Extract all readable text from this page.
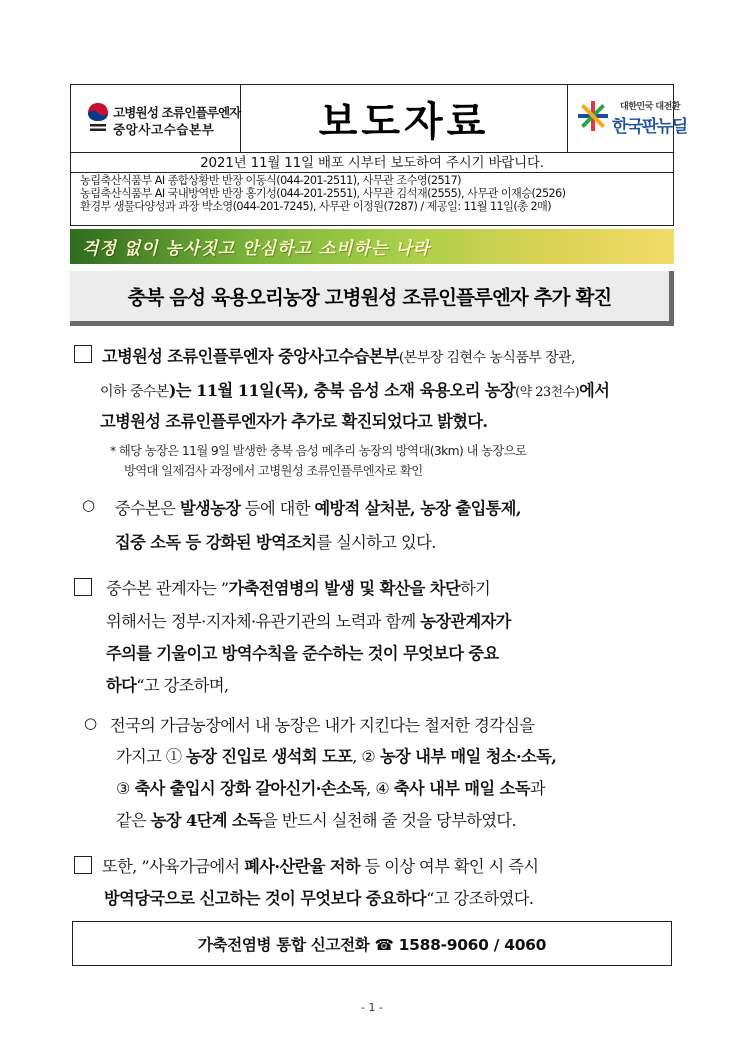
고병원성 조류인플루엔자
중앙사고수습본부	보도자료	대한민국 대전환
한국판뉴딜
2021년 11월 11일 배포 시부터 보도하여 주시기 바랍니다.
농림축산식품부 AI 종합상황반 반장 이동식(044-201-2511), 사무관 조수영(2517)
농림축산식품부 AI 국내방역반 반장 홍기성(044-201-2551), 사무관 김석재(2555), 사무관 이재승(2526)
환경부 생물다양성과 과장 박소영(044-201-7245), 사무관 이정원(7287) / 제공일: 11월 11일(총 2매)
걱정 없이 농사짓고 안심하고 소비하는 나라
충북 음성 육용오리농장 고병원성 조류인플루엔자 추가 확진
고병원성 조류인플루엔자 중앙사고수습본부(본부장 김현수 농식품부 장관,
이하 중수본)는 11월 11일(목), 충북 음성 소재 육용오리 농장(약 23천수)에서
고병원성 조류인플루엔자가 추가로 확진되었다고 밝혔다.
* 해당 농장은 11월 9일 발생한 충북 음성 메추리 농장의 방역대(3km) 내 농장으로
방역대 일제검사 과정에서 고병원성 조류인플루엔자로 확인
○ 중수본은 발생농장 등에 대한 예방적 살처분, 농장 출입통제,
집중 소독 등 강화된 방역조치를 실시하고 있다.
중수본 관계자는 ”가축전염병의 발생 및 확산을 차단하기
위해서는 정부·지자체·유관기관의 노력과 함께 농장관계자가
주의를 기울이고 방역수칙을 준수하는 것이 무엇보다 중요
하다“고 강조하며,
○ 전국의 가금농장에서 내 농장은 내가 지킨다는 철저한 경각심을
가지고 ① 농장 진입로 생석회 도포, ② 농장 내부 매일 청소·소독,
③ 축사 출입시 장화 갈아신기·손소독, ④ 축사 내부 매일 소독과
같은 농장 4단계 소독을 반드시 실천해 줄 것을 당부하였다.
또한, ”사육가금에서 폐사·산란율 저하 등 이상 여부 확인 시 즉시
방역당국으로 신고하는 것이 무엇보다 중요하다“고 강조하였다.
가축전염병 통합 신고전화 ☎ 1588-9060 / 4060
- 1 -
